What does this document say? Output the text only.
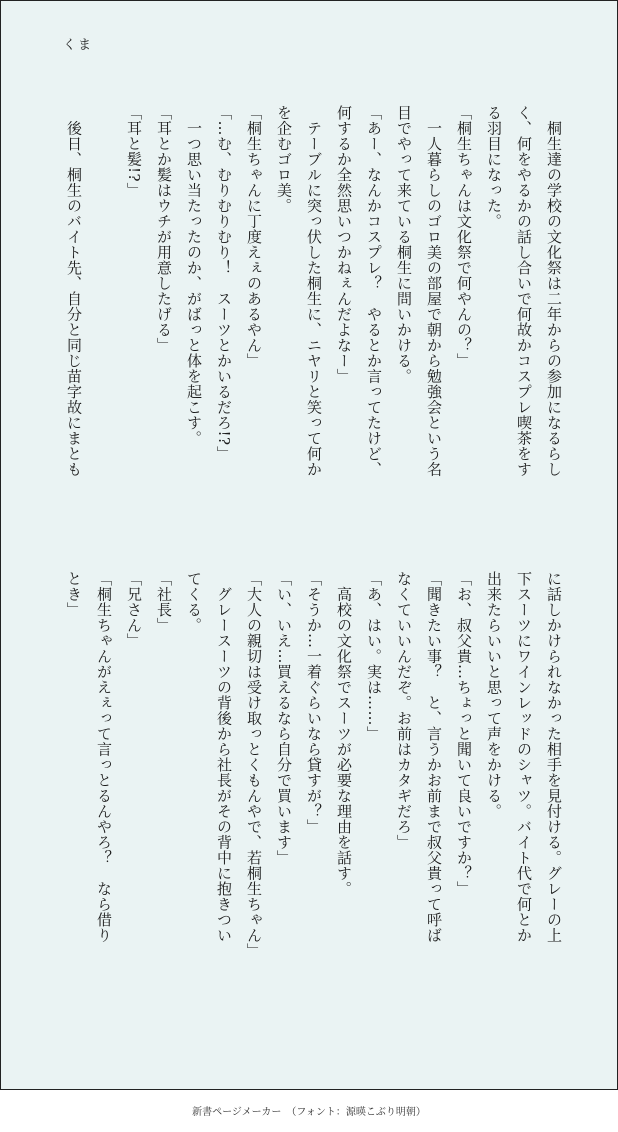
くま
　桐生達の学校の文化祭は二年からの参加になるらし
く、何をやるかの話し合いで何故かコスプレ喫茶をす
る羽目になった。
「桐生ちゃんは文化祭で何やんの？」
　一人暮らしのゴロ美の部屋で朝から勉強会という名
目でやって来ている桐生に問いかける。
「あー、なんかコスプレ？　やるとか言ってたけど、
何するか全然思いつかねぇんだよなー」
　テーブルに突っ伏した桐生に、ニヤリと笑って何か
を企むゴロ美。
「桐生ちゃんに丁度えぇのあるやん」
「…む、むりむりむり！　スーツとかいるだろ!?」
　一つ思い当たったのか、がばっと体を起こす。
「耳とか髪はウチが用意したげる」
「耳と髪!?」

　後日、桐生のバイト先、自分と同じ苗字故にまとも
に話しかけられなかった相手を見付ける。グレーの上
下スーツにワインレッドのシャツ。バイト代で何とか
出来たらいいと思って声をかける。
「お、叔父貴…ちょっと聞いて良いですか？」
「聞きたい事？　と、言うかお前まで叔父貴って呼ば
なくていいんだぞ。お前はカタギだろ」
「あ、はい。実は……」
　高校の文化祭でスーツが必要な理由を話す。
「そうか…一着ぐらいなら貸すが？」
「い、いえ…買えるなら自分で買います」
「大人の親切は受け取っとくもんやで、若桐生ちゃん」
　グレースーツの背後から社長がその背中に抱きつい
てくる。
「社長」
「兄さん」
「桐生ちゃんがえぇって言っとるんやろ？　なら借り
とき」
新書ページメーカー　（フォント：源暎こぶり明朝）
